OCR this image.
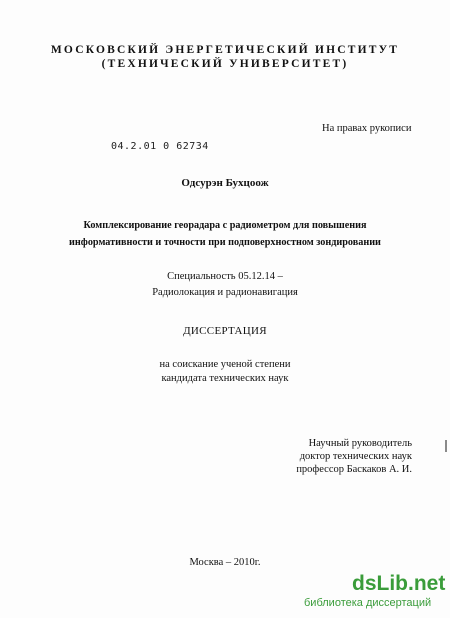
МОСКОВСКИЙ ЭНЕРГЕТИЧЕСКИЙ ИНСТИТУТ
(ТЕХНИЧЕСКИЙ УНИВЕРСИТЕТ)
На правах рукописи
04.2.01 0 62734
Одсурэн Бухцоож
Комплексирование георадара с радиометром для повышения
информативности и точности при подповерхностном зондировании
Специальность 05.12.14 –
Радиолокация и радионавигация
ДИССЕРТАЦИЯ
на соискание ученой степени
кандидата технических наук
Научный руководитель
доктор технических наук
профессор Баскаков А. И.
Москва – 2010г.
dsLib.net
библиотека диссертаций
